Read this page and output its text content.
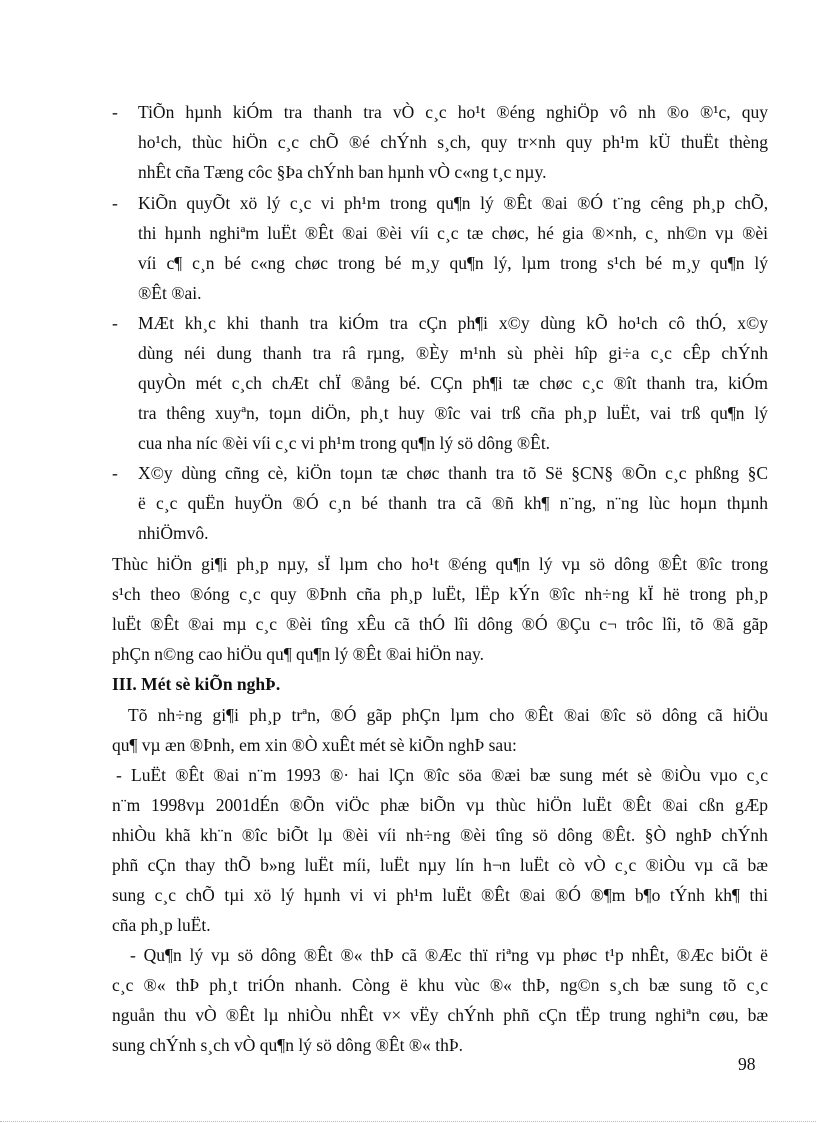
- TiÕn hµnh kiÓm tra thanh tra vÒ c¸c ho¹t ®éng nghiÖp vô nh ®o ®¹c, quy
ho¹ch, thùc hiÖn c¸c chÕ ®é chÝnh s¸ch, quy tr×nh quy ph¹m kÜ thuËt thèng
nhÊt cña Tæng côc §Þa chÝnh ban hµnh vÒ c«ng t¸c nµy.
- KiÕn quyÕt xö lý c¸c vi ph¹m trong qu¶n lý ®Êt ®ai ®Ó t¨ng cêng ph¸p chÕ,
thi hµnh nghiªm luËt ®Êt ®ai ®èi víi c¸c tæ chøc, hé gia ®×nh, c¸ nh©n vµ ®èi
víi c¶ c¸n bé c«ng chøc trong bé m¸y qu¶n lý, lµm trong s¹ch bé m¸y qu¶n lý
®Êt ®ai.
- MÆt kh¸c khi thanh tra kiÓm tra cÇn ph¶i x©y dùng kÕ ho¹ch cô thÓ, x©y
dùng néi dung thanh tra râ rµng, ®Èy m¹nh sù phèi hîp gi÷a c¸c cÊp chÝnh
quyÒn mét c¸ch chÆt chÏ ®ång bé. CÇn ph¶i tæ chøc c¸c ®ît thanh tra, kiÓm
tra thêng xuyªn, toµn diÖn, ph¸t huy ®îc vai trß cña ph¸p luËt, vai trß qu¶n lý
cua nha níc ®èi víi c¸c vi ph¹m trong qu¶n lý sö dông ®Êt.
- X©y dùng cñng cè, kiÖn toµn tæ chøc thanh tra tõ Së §CN§ ®Õn c¸c phßng §C
ë c¸c quËn huyÖn ®Ó c¸n bé thanh tra cã ®ñ kh¶ n¨ng, n¨ng lùc hoµn thµnh
nhiÖmvô.
Thùc hiÖn gi¶i ph¸p nµy, sÏ lµm cho ho¹t ®éng qu¶n lý vµ sö dông ®Êt ®îc trong
s¹ch theo ®óng c¸c quy ®Þnh cña ph¸p luËt, lËp kÝn ®îc nh÷ng kÏ hë trong ph¸p
luËt ®Êt ®ai mµ c¸c ®èi tîng xÊu cã thÓ lîi dông ®Ó ®Çu c¬ trôc lîi, tõ ®ã gãp
phÇn n©ng cao hiÖu qu¶ qu¶n lý ®Êt ®ai hiÖn nay.
III. Mét sè kiÕn nghÞ.
Tõ nh÷ng gi¶i ph¸p trªn, ®Ó gãp phÇn lµm cho ®Êt ®ai ®îc sö dông cã hiÖu
qu¶ vµ æn ®Þnh, em xin ®Ò xuÊt mét sè kiÕn nghÞ sau:
- LuËt ®Êt ®ai n¨m 1993 ®· hai lÇn ®îc söa ®æi bæ sung mét sè ®iÒu vµo c¸c
n¨m 1998vµ 2001dÉn ®Õn viÖc phæ biÕn vµ thùc hiÖn luËt ®Êt ®ai cßn gÆp
nhiÒu khã kh¨n ®îc biÕt lµ ®èi víi nh÷ng ®èi tîng sö dông ®Êt. §Ò nghÞ chÝnh
phñ cÇn thay thÕ b»ng luËt míi, luËt nµy lín h¬n luËt cò vÒ c¸c ®iÒu vµ cã bæ
sung c¸c chÕ tµi xö lý hµnh vi vi ph¹m luËt ®Êt ®ai ®Ó ®¶m b¶o tÝnh kh¶ thi
cña ph¸p luËt.
- Qu¶n lý vµ sö dông ®Êt ®« thÞ cã ®Æc thï riªng vµ phøc t¹p nhÊt, ®Æc biÖt ë
c¸c ®« thÞ ph¸t triÓn nhanh. Còng ë khu vùc ®« thÞ, ng©n s¸ch bæ sung tõ c¸c
nguån thu vÒ ®Êt lµ nhiÒu nhÊt v× vËy chÝnh phñ cÇn tËp trung nghiªn cøu, bæ
sung chÝnh s¸ch vÒ qu¶n lý sö dông ®Êt ®« thÞ.
98
